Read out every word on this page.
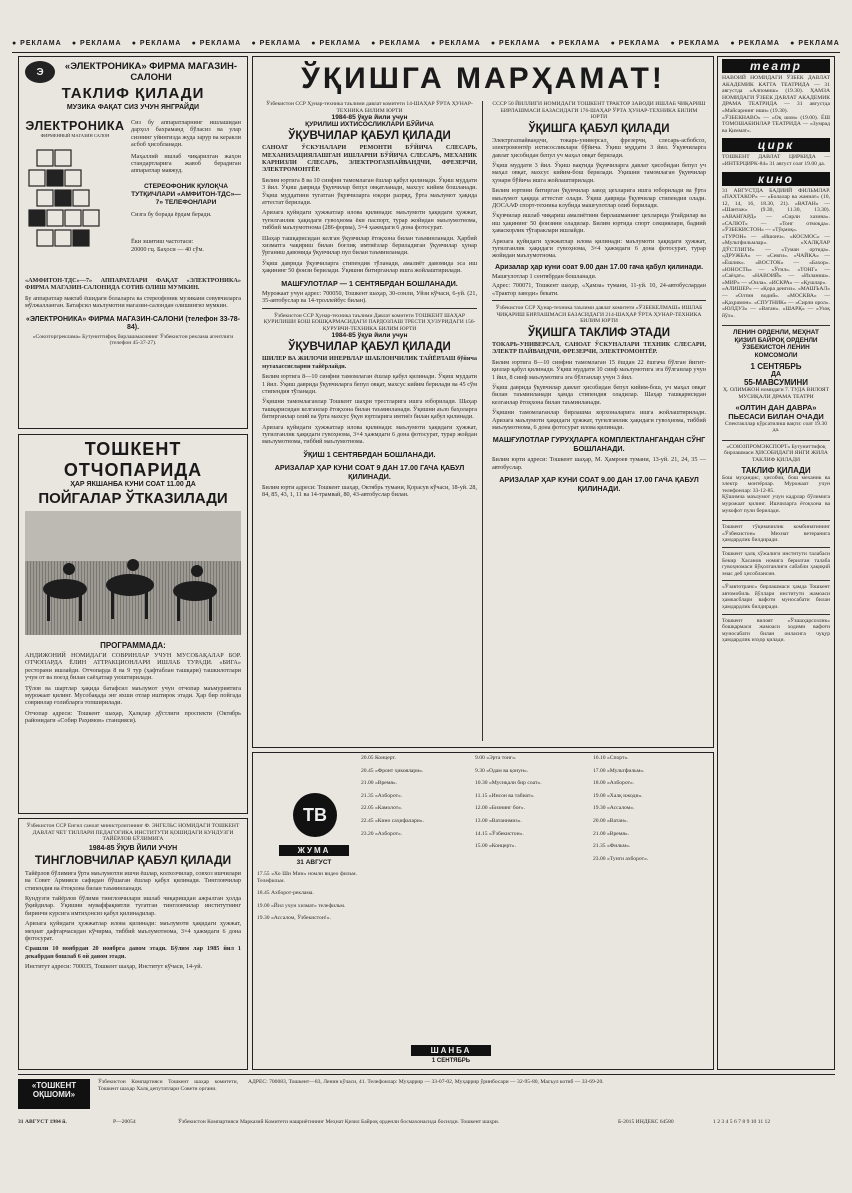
● РЕКЛАМА ● РЕКЛАМА ● РЕКЛАМА ● РЕКЛАМА ● РЕКЛАМА ● РЕКЛАМА ● РЕКЛАМА ● РЕКЛАМА ● РЕКЛАМА ● РЕКЛАМА ● РЕКЛАМА ● РЕКЛАМА ● РЕКЛАМА ● РЕКЛАМА
Э	«ЭЛЕКТРОНИКА» ФИРМА МАГАЗИН-САЛОНИ
ТАКЛИФ ҚИЛАДИ
МУЗИКА ФАҚАТ СИЗ УЧУН ЯНГРАЙДИ
ЭЛЕКТРОНИКА
ФИРМЕННЫЙ МАГАЗИН САЛОН
Сиз бу аппаратларнинг ишлашидан дарҳол бахраманд бўласиз ва улар сизнинг уйингизда жуда зарур ва керакли асбоб ҳисобланади.
Маҳаллий ишлаб чиқарилган жаҳон стандартларига жавоб берадиган аппаратлар мавжуд.
СТЕРЕОФОНИК ҚУЛОҚЧА ТУТҚИЧЛАРИ «АМФИТОН-ТДС»—7» ТЕЛЕФОНЛАРИ
Сизга бу борада ёрдам беради.
Ёки эшитиш частотаси:
20000 гц. Баҳоси — 40 сўм.
«АМФИТОН-ТДС»—7» АППАРАТЛАРИ ФАҚАТ «ЭЛЕКТРОНИКА» ФИРМА МАГАЗИН-САЛОНИДА СОТИБ ОЛИШ МУМКИН.
Бу аппаратлар мактаб ёшидаги болаларга ва стереофоник музикани севувчиларга мўлжалланган. Батафсил маълумотни магазин-салондан олишингиз мумкин.
«ЭЛЕКТРОНИКА» ФИРМА МАГАЗИН-САЛОНИ (телефон 33-78-84).
«Союзторгреклама» Бутуниттифоқ бирлашмасининг Ўзбекистон реклама агентлиги (телефон 45-37-27).
ТОШКЕНТ ОТЧОПАРИДА
ҲАР ЯКШАНБА КУНИ СОАТ 11.00 ДА
ПОЙГАЛАР ЎТКАЗИЛАДИ
ПРОГРАММАДА:
АНДИЖОНИЙ НОМИДАГИ СОВРИНЛАР УЧУН МУСОБАҚАЛАР БОР. ОТЧОПАРДА ЁЛИН АТТРАКЦИОНЛАРИ ИШЛАБ ТУРАДИ. «БИГА» ресторани ишлайди. Отчопарда 8 ва 9 тур (ҳафтаблан ташқари) ташкилотлари учун от ва поезд билан саёҳатлар уюштирилади.
Тўлов ва шартлар ҳақида батафсил маълумот учун отчопар маъмуриятига мурожаат қилинг. Мусобақада энг яхши отлар иштирок этади. Ҳар бир пойгада совринлар ғолибларга топширилади.
Отчопар адреси: Тошкент шаҳар, Ҳалқлар дўстлиги проспекти (Октябрь районидаги «Собир Раҳимов» станцияси).
Ўзбекистон ССР Енгил саноат министрлигининг Ф. ЭНГЕЛЬС НОМИДАГИ ТОШКЕНТ ДАВЛАТ ЧЕТ ТИЛЛАРИ ПЕДАГОГИКА ИНСТИТУТИ ҚОШИДАГИ КУНДУЗГИ ТАЙЁРЛОВ БЎЛИМИГА
1984-85 ЎҚУВ ЙИЛИ УЧУН
ТИНГЛОВЧИЛАР ҚАБУЛ ҚИЛАДИ
Тайёрлов бўлимига ўрта маълумотли ишчи ёшлар, колхозчилар, совхоз ишчилари ва Совет Армияси сафидан бўшаган ёшлар қабул қилинади. Тингловчилар стипендия ва ётоқхона билан таъминланади.
Кундузги тайёрлов бўлими тингловчилари ишлаб чиқаришдан ажралган ҳолда ўқийдилар. Ўқишни муваффақиятли тугатган тингловчилар институтнинг биринчи курсига имтиҳонсиз қабул қилинадилар.
Аризага қуйидаги ҳужжатлар илова қилинади: маълумоти ҳақидаги ҳужжат, меҳнат дафтарчасидан кўчирма, тиббий маълумотнома, 3×4 ҳажмдаги 6 дона фотосурат.
Срашли 10 ноябрдан 20 ноябрга давом этади. Бўлим лар 1985 йил 1 декабрдан бошлаб 6 ой давом этади.
Институт адреси: 700035, Тошкент шаҳар, Институт кўчаси, 14-уй.
ЎҚИШГА МАРҲАМАТ!
Ўзбекистон ССР Ҳунар-техника таълими давлат комитети 14-ШАҲАР ЎРТА ҲУНАР-ТЕХНИКА БИЛИМ ЮРТИ
1984-85 ўқув йили учун
ҚУРИЛИШ ИХТИСОСЛИКЛАРИ БЎЙИЧА
ЎҚУВЧИЛАР ҚАБУЛ ҚИЛАДИ
САНОАТ ЎСКУНАЛАРИ РЕМОНТИ БЎЙИЧА СЛЕСАРЬ, МЕХАНИЗАЦИЯЛАШГАН ИШЛАРНИ БЎЙИЧА СЛЕСАРЬ, МЕХАНИК КАРНИЗЛИ СЛЕСАРЬ, ЭЛЕКТРОГАЗПАЙВАНДЧИ, ФРЕЗЕРЧИ, ЭЛЕКТРОМОНТЁР.
Билим юртига 8 ва 10 синфни тамомлаган ёшлар қабул қилинади. Ўқиш муддати 3 йил. Ўқиш даврида ўқувчилар бепул овқатланади, махсус кийим бошланади. Ўқиш муддатини тугатган ўқувчиларга юқори разряд, ўрта маълумот ҳақида аттестат берилади.
Аризага қуйидаги ҳужжатлар илова қилинади: маълумоти ҳақидаги ҳужжат, туғилганлик ҳақидаги гувоҳнома ёки паспорт, турар жойидан маълумотнома, тиббий маълумотнома (286-форма), 3×4 ҳажмдаги 6 дона фотосурат.
Шаҳар ташқарисидан келган ўқувчилар ётоқхона билан таъминланади. Ҳарбий хизматга чақириш билан боғлиқ имтиёзлар бериладиган ўқувчилар ҳунар ўрганиш давомида ўқувчилар пул билан таъминланади.
Ўқиш даврида ўқувчиларга стипендия тўланади, амалиёт давомида эса иш ҳақининг 50 фоизи берилади. Ўқишни битирганлар ишга жойлаштирилади.
МАШҒУЛОТЛАР — 1 СЕНТЯБРДАН БОШЛАНАДИ.
Мурожаат учун адрес: 700050, Тошкент шаҳар, 30-сонли, Уйзи кўчаси, 6-уй. (21, 35-автобуслар ва 14-троллейбус билан).
Ўзбекистон ССР Ҳунар-техника таълими Давлат комитети ТОШКЕНТ ШАҲАР ҚУРИЛИШИ БОШ БОШҚАРМАСИДАГИ ПАРДОЗЛАШ ТРЕСТИ ҲУЗУРИДАГИ 156-ҚУРУВЧИ-ТЕХНИКА БИЛИМ ЮРТИ
1984-85 ўқув йили учун
ЎҚУВЧИЛАР ҚАБУЛ ҚИЛАДИ
ШИЛЕР ВА ЖИЛОЧИ ИНЕРВЛАР ШАБЛОНЧИЛИК ТАЙЁРЛАШ бўйича мутахассисларни тайёрлайди.
Билим юртига 8—10 синфни тамомлаган ёшлар қабул қилинади. Ўқиш муддати 1 йил. Ўқиш даврида ўқувчиларга бепул овқат, махсус кийим берилади ва 45 сўм стипендия тўланади.
Ўқишни тамомлаганлар Тошкент шаҳри трестларига ишга юборилади. Шаҳар ташқарисидан келганлар ётоқхона билан таъминланади. Ўқишни аъло баҳоларга битирганлар олий ва ўрта махсус ўқув юртларига имтиёз билан қабул қилинади.
Аризага қуйидаги ҳужжатлар илова қилинади: маълумоти ҳақидаги ҳужжат, туғилганлик ҳақидаги гувоҳнома, 3×4 ҳажмдаги 6 дона фотосурат, турар жойдан маълумотнома, тиббий маълумотнома.
ЎҚИШ 1 СЕНТЯБРДАН БОШЛАНАДИ.
АРИЗАЛАР ҲАР КУНИ СОАТ 9 ДАН 17.00 ГАЧА ҚАБУЛ ҚИЛИНАДИ.
Билим юрти адреси: Тошкент шаҳар, Октябрь тумани, Қорасув кўчаси, 18-уй. 28, 84, 85, 43, 1, 11 ва 14-трамвай, 80, 43-автобуслар билан.
СССР 50 ЙИЛЛИГИ НОМИДАГИ ТОШКЕНТ ТРАКТОР ЗАВОДИ ИШЛАБ ЧИҚАРИШ БИРЛАШМАСИ БАЗАСИДАГИ 176-ШАҲАР ЎРТА ҲУНАР-ТЕХНИКА БИЛИМ ЮРТИ
ЎҚИШГА ҚАБУЛ ҚИЛАДИ
Электргазпайвандчи, токарь-универсал, фрезерчи, слесарь-асбобсоз, электромонтёр ихтисосликлари бўйича. Ўқиш муддати 3 йил. Ўқувчиларга давлат ҳисобидан бепул уч маҳал овқат берилади.
Ўқиш муддати 3 йил. Ўқиш вақтида ўқувчиларга давлат ҳисобидан бепул уч маҳал овқат, махсус кийим-бош берилади. Ўқишни тамомлаган ўқувчилар ҳунари бўйича ишга жойлаштирилади.
Билим юртини битирган ўқувчилар завод цехларига ишга юборилади ва ўрта маълумот ҳақида аттестат олади. Ўқиш даврида ўқувчилар стипендия олади. ДОСААФ спорт-техника клубида машғулотлар олиб борилади.
Ўқувчилар ишлаб чиқариш амалиётини бирлашманинг цехларида ўтайдилар ва иш ҳақининг 50 фоизини оладилар. Билим юртида спорт секциялари, бадиий ҳаваскорлик тўгараклари ишлайди.
Аризага қуйидаги ҳужжатлар илова қилинади: маълумоти ҳақидаги ҳужжат, туғилганлик ҳақидаги гувоҳнома, 3×4 ҳажмдаги 6 дона фотосурат, турар жойидан маълумотнома.
Аризалар ҳар куни соат 9.00 дан 17.00 гача қабул қилинади.
Машғулотлар 1 сентябрдан бошланади.
Адрес: 700071, Тошкент шаҳар, «Ҳамза» тумани, 11-уй. 10, 24-автобуслардан «Трактор заводи» бекати.
Ўзбекистон ССР Ҳунар-техника таълими давлат комитети «ЎЗБЕКЕЛМАШ» ИШЛАБ ЧИҚАРИШ БИРЛАШМАСИ БАЗАСИДАГИ 214-ШАҲАР ЎРТА ҲУНАР-ТЕХНИКА БИЛИМ ЮРТИ
ЎҚИШГА ТАКЛИФ ЭТАДИ
ТОКАРЬ-УНИВЕРСАЛ, САНОАТ ЎСКУНАЛАРИ ТЕХНИК СЛЕСАРИ, ЭЛЕКТР ПАЙВАНДЧИ, ФРЕЗЕРЧИ, ЭЛЕКТРОМОНТЁР.
Билим юртига 8—10 синфни тамомлаган 15 ёшдан 22 ёшгача бўлган йигит-қизлар қабул қилинади. Ўқиш муддати 10 синф маълумотига эга бўлганлар учун 1 йил, 8 синф маълумотига эга бўлганлар учун 3 йил.
Ўқиш даврида ўқувчилар давлат ҳисобидан бепул кийим-бош, уч маҳал овқат билан таъминланади ҳамда стипендия оладилар. Шаҳар ташқарисидан келганлар ётоқхона билан таъминланади.
Ўқишни тамомлаганлар бирлашма корхоналарига ишга жойлаштирилади. Аризага маълумоти ҳақидаги ҳужжат, туғилганлик ҳақидаги гувоҳнома, тиббий маълумотнома, 6 дона фотосурат илова қилинади.
МАШҒУЛОТЛАР ГУРУҲЛАРГА КОМПЛЕКТЛАНГАНДАН СЎНГ БОШЛАНАДИ.
Билим юрти адреси: Тошкент шаҳар, М. Ҳамроев тумани, 13-уй. 21, 24, 35 — автобуслар.
АРИЗАЛАР ҲАР КУНИ СОАТ 9.00 ДАН 17.00 ГАЧА ҚАБУЛ ҚИЛИНАДИ.
ТВ
ЖУМА
31 АВГУСТ
ШАНБА
1 СЕНТЯБРЬ
17.55 «Хо Ши Мин» номли видео фильм. Телефильм.
18.45 Ахборот-реклама.
19.00 «Йил учун хизмат» телефильм.
19.30 «Ассалом, Ўзбекистон!».
20.05 Концерт.
20.45 «Фронт ҳикоялари».
21.00 «Время».
21.35 «Ахборот».
22.05 «Камолот».
22.45 «Кино саҳифалари».
23.20 «Ахборот».
9.00 «Эрта тонг».
9.30 «Одам ва қонун».
10.30 «Мусиқали бир соат».
11.15 «Инсон ва табиат».
12.00 «Бизнинг боғ».
13.00 «Ватанимиз».
14.15 «Ўзбекистон».
15.00 «Концерт».
16.10 «Спорт».
17.00 «Мультфильм».
18.00 «Ахборот».
19.00 «Халқ ижоди».
19.30 «Ассалом».
20.00 «Ватан».
21.00 «Время».
21.35 «Фильм».
23.00 «Тунги ахборот».
театр
НАВОИЙ НОМИДАГИ ЎЗБЕК ДАВЛАТ АКАДЕМИК КАТТА ТЕАТРИДА — 31 августда «Алпомиш» (19.30). ҲАМЗА НОМИДАГИ ЎЗБЕК ДАВЛАТ АКАДЕМИК ДРАМА ТЕАТРИДА — 31 августда «Майсарнинг иши» (19.30).
«ЎЗБЕКНАВО» — «Оқ шом» (19.00). ЁШ ТОМОШАБИНЛАР ТЕАТРИДА — «Зумрад ва Қиммат».
цирк
ТОШКЕНТ ДАВЛАТ ЦИРКИДА — «ИНТЕРЦИРК-84» 31 август соат 19.00 да.
кино
31 АВГУСТДА БАДИИЙ ФИЛЬМЛАР. «ПАХТАКОР» — «Болалар ва жаннат» (10, 12, 14, 16, 18.30, 21). «ВАТАН» — «Шантаж» (9.30, 11.30, 13.30). «АВАНГАРД» — «Сирли хазина». «САЛЮТ» — «Тонг отмоқда». «ЎЗБЕКИСТОН» — «Тўқмоқ».
«ТУРОН» — «Ишонч». «КОСМОС» — «Мультфильмлар». «ХАЛҚЛАР ДЎСТЛИГИ» — «Туман ортида». «ДРУЖБА» — «Севги». «ЧАЙКА» — «Ёшлик». «ВОСТОК» — «Бахор». «ЮНОСТЬ» — «Ўғил». «ТОНГ» — «Саёҳат». «НАВОИЙ» — «Изланиш». «МИР» — «Оила». «ИСКРА» — «Қушлар».
«АЛИШЕР» — «Қора денгиз». «МАШЪАЛ» — «Олтин водий». «МОСКВА» — «Қаҳрамон». «СПУТНИК» — «Сирли орол». «ЮЛДУЗ» — «Ватан». «ШАРҚ» — «Узоқ йўл».
ЛЕНИН ОРДЕНЛИ, МЕҲНАТ ҚИЗИЛ БАЙРОҚ ОРДЕНЛИ ЎЗБЕКИСТОН ЛЕНИН КОМСОМОЛИ
1 СЕНТЯБРЬ
ДА
55-МАВСУМИНИ
Ҳ. ОЛИМЖОН номидаги 7. ТУДА ВИЛОЯТ МУСИҚАЛИ ДРАМА ТЕАТРИ
«ОЛТИН ДАН ДАВРА»
ПЬЕСАСИ БИЛАН ОЧАДИ
Спектакллар кўрсатилиш вақти: соат 19.30 да.
«СОЮЗПРОМЭКСПОРТ» Бутуниттифоқ бирлашмаси ҲИСОБИДАГИ ЯНГИ ЖИЛА ТАКЛИФ ҚИЛАДИ
ТАКЛИФ ҚИЛАДИ
Бош муҳандис, ҳисобчи, бош механик ва электр монтёрлар. Мурожаат учун телефонлар: 33-12-85.
Қўшимча маълумот учун кадрлар бўлимига мурожаат қилинг. Ишчиларга ётоқхона ва мукофот пули берилади.
Тошкент тўқимачилик комбинатининг «Ўзбекистон» Мехнат ветеранига ҳамдардлик билдиради.
Тошкент ҳалқ хўжалиги институти талабаси Бекир Хасанов номига берилган талаба гувоҳномаси йўқолганлиги сабабли ҳақиқий эмас деб ҳисоблансин.
«Ўзавтотранс» бирлашмаси ҳамда Тошкент автомобиль йўллари институти жамоаси ҳамкасблари вафоти муносабати билан ҳамдардлик билдиради.
Тошкент вилоят «Ўзшаҳарсозлик» бошқармаси жамоаси ходими вафоти муносабати билан оиласига чуқур ҳамдардлик изҳор қилади.
«ТОШКЕНТ ОҚШОМИ»
Ўзбекистон Компартияси Тошкент шаҳар комитети, Тошкент шаҳар Халқ депутатлари Совети органи.
АДРЕС: 700083, Тошкент—83, Ленин кўчаси, 41. Телефонлар: Муҳаррир — 33-07-02, Муҳаррир ўринбосари — 32-95-80, Масъул котиб — 33-69-20.
31 АВГУСТ 1984 й.	Р—20054	Ўзбекистон Компартияси Марказий Комитети нашриётининг Меҳнат Қизил Байроқ орденли босмахонасида босилди. Тошкент шаҳри.	Б-2015 ИНДЕКС 64580	1 2 3 4 5 6 7 8 9 10 11 12
